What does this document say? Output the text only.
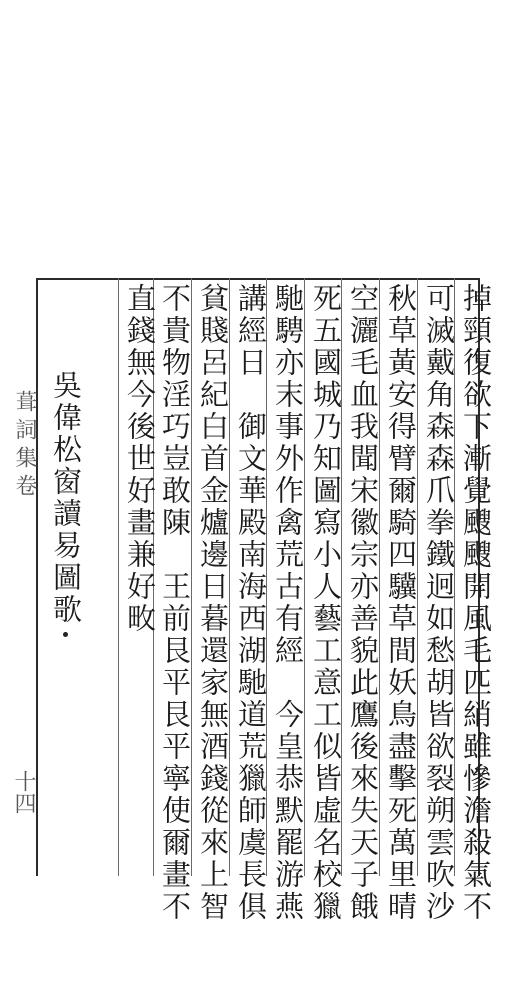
葺詞集卷
十四
吳偉松窗讀易圖歌	掉頸復欲下漸覺颼颼開風毛匹綃雖慘澹殺氣不
可滅戴角森森爪拳鐵迥如愁胡皆欲裂朔雲吹沙
秋草黃安得臂爾騎四驥草間妖鳥盡擊死萬里晴
空灑毛血我聞宋徽宗亦善貌此鷹後來失天子餓
死五國城乃知圖寫小人藝工意工似皆虛名校獵
馳騁亦末事外作禽荒古有經　今皇恭默罷游燕
講經日　御文華殿南海西湖馳道荒獵師虞長俱
貧賤呂紀白首金爐邊日暮還家無酒錢從來上智
不貴物淫巧豈敢陳　王前艮平艮平寧使爾畫不
直錢無今後世好畫兼好畋
